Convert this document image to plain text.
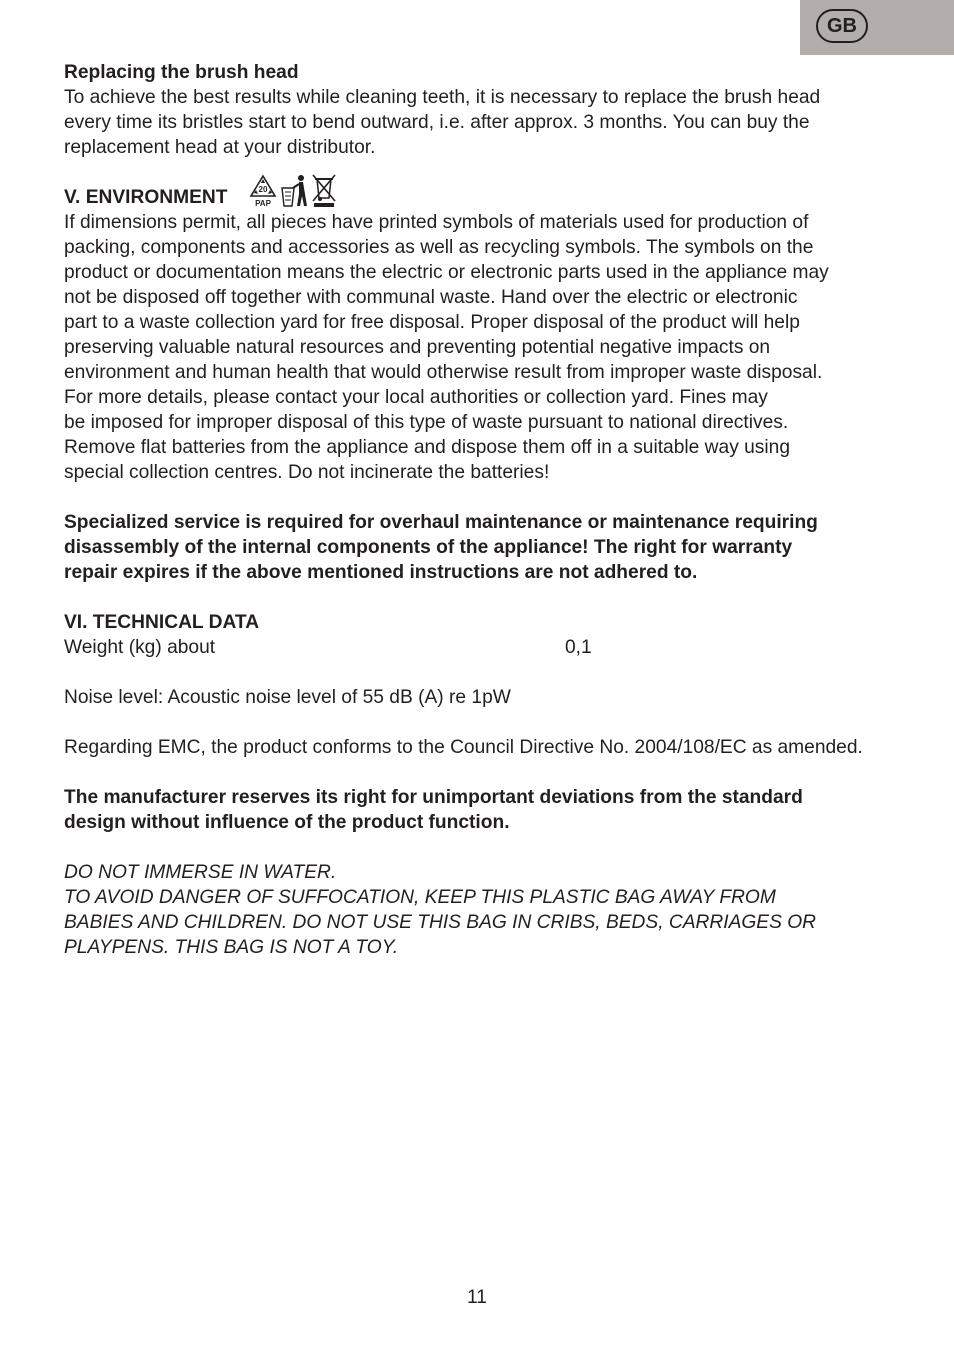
GB

Replacing the brush head

To achieve the best results while cleaning teeth, it is necessary to replace the brush head

every time its bristles start to bend outward, i.e. after approx. 3 months. You can buy the

replacement head at your distributor.

V. ENVIRONMENT	20
PAP

If dimensions permit, all pieces have printed symbols of materials used for production of

packing, components and accessories as well as recycling symbols. The symbols on the

product or documentation means the electric or electronic parts used in the appliance may

not be disposed off together with communal waste. Hand over the electric or electronic

part to a waste collection yard for free disposal. Proper disposal of the product will help

preserving valuable natural resources and preventing potential negative impacts on

environment and human health that would otherwise result from improper waste disposal.

For more details, please contact your local authorities or collection yard. Fines may

be imposed for improper disposal of this type of waste pursuant to national directives.

Remove flat batteries from the appliance and dispose them off in a suitable way using

special collection centres. Do not incinerate the batteries!

Specialized service is required for overhaul maintenance or maintenance requiring

disassembly of the internal components of the appliance! The right for warranty

repair expires if the above mentioned instructions are not adhered to.

VI. TECHNICAL DATA

Weight (kg) about	0,1

Noise level: Acoustic noise level of 55 dB (A) re 1pW

Regarding EMC, the product conforms to the Council Directive No. 2004/108/EC as amended.

The manufacturer reserves its right for unimportant deviations from the standard

design without influence of the product function.

DO NOT IMMERSE IN WATER.

TO AVOID DANGER OF SUFFOCATION, KEEP THIS PLASTIC BAG AWAY FROM

BABIES AND CHILDREN. DO NOT USE THIS BAG IN CRIBS, BEDS, CARRIAGES OR

PLAYPENS. THIS BAG IS NOT A TOY.

11
